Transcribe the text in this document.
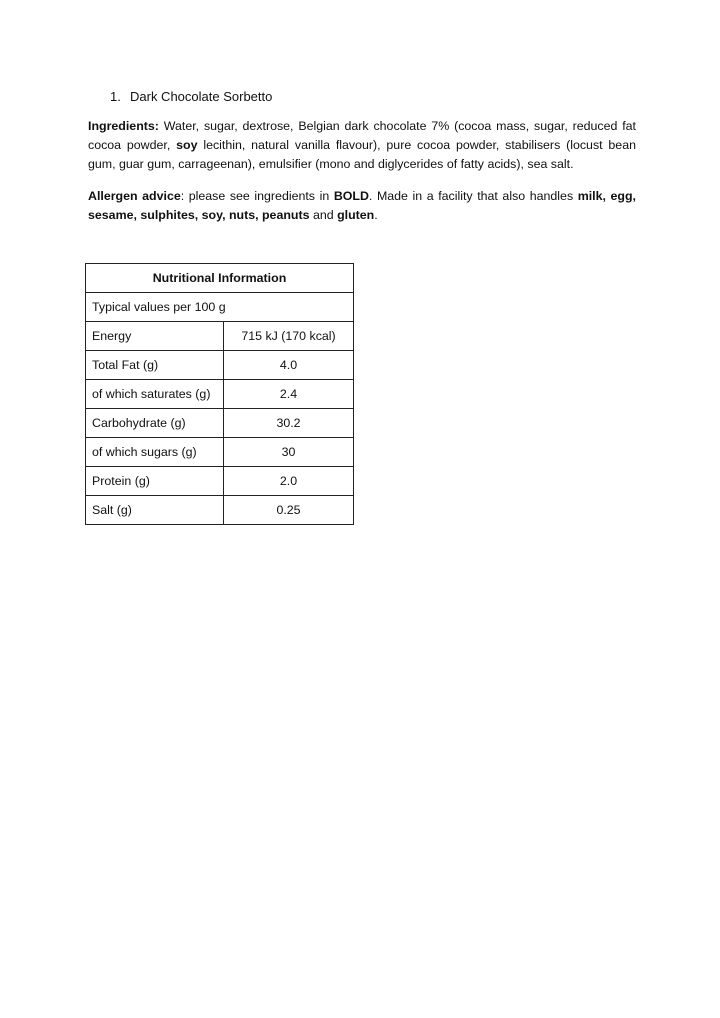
1. Dark Chocolate Sorbetto
Ingredients: Water, sugar, dextrose, Belgian dark chocolate 7% (cocoa mass, sugar, reduced fat cocoa powder, soy lecithin, natural vanilla flavour), pure cocoa powder, stabilisers (locust bean gum, guar gum, carrageenan), emulsifier (mono and diglycerides of fatty acids), sea salt.
Allergen advice: please see ingredients in BOLD. Made in a facility that also handles milk, egg, sesame, sulphites, soy, nuts, peanuts and gluten.
Nutritional Information	
Typical values per 100 g	
Energy	715 kJ (170 kcal)
Total Fat (g)	4.0
of which saturates (g)	2.4
Carbohydrate (g)	30.2
of which sugars (g)	30
Protein (g)	2.0
Salt (g)	0.25
